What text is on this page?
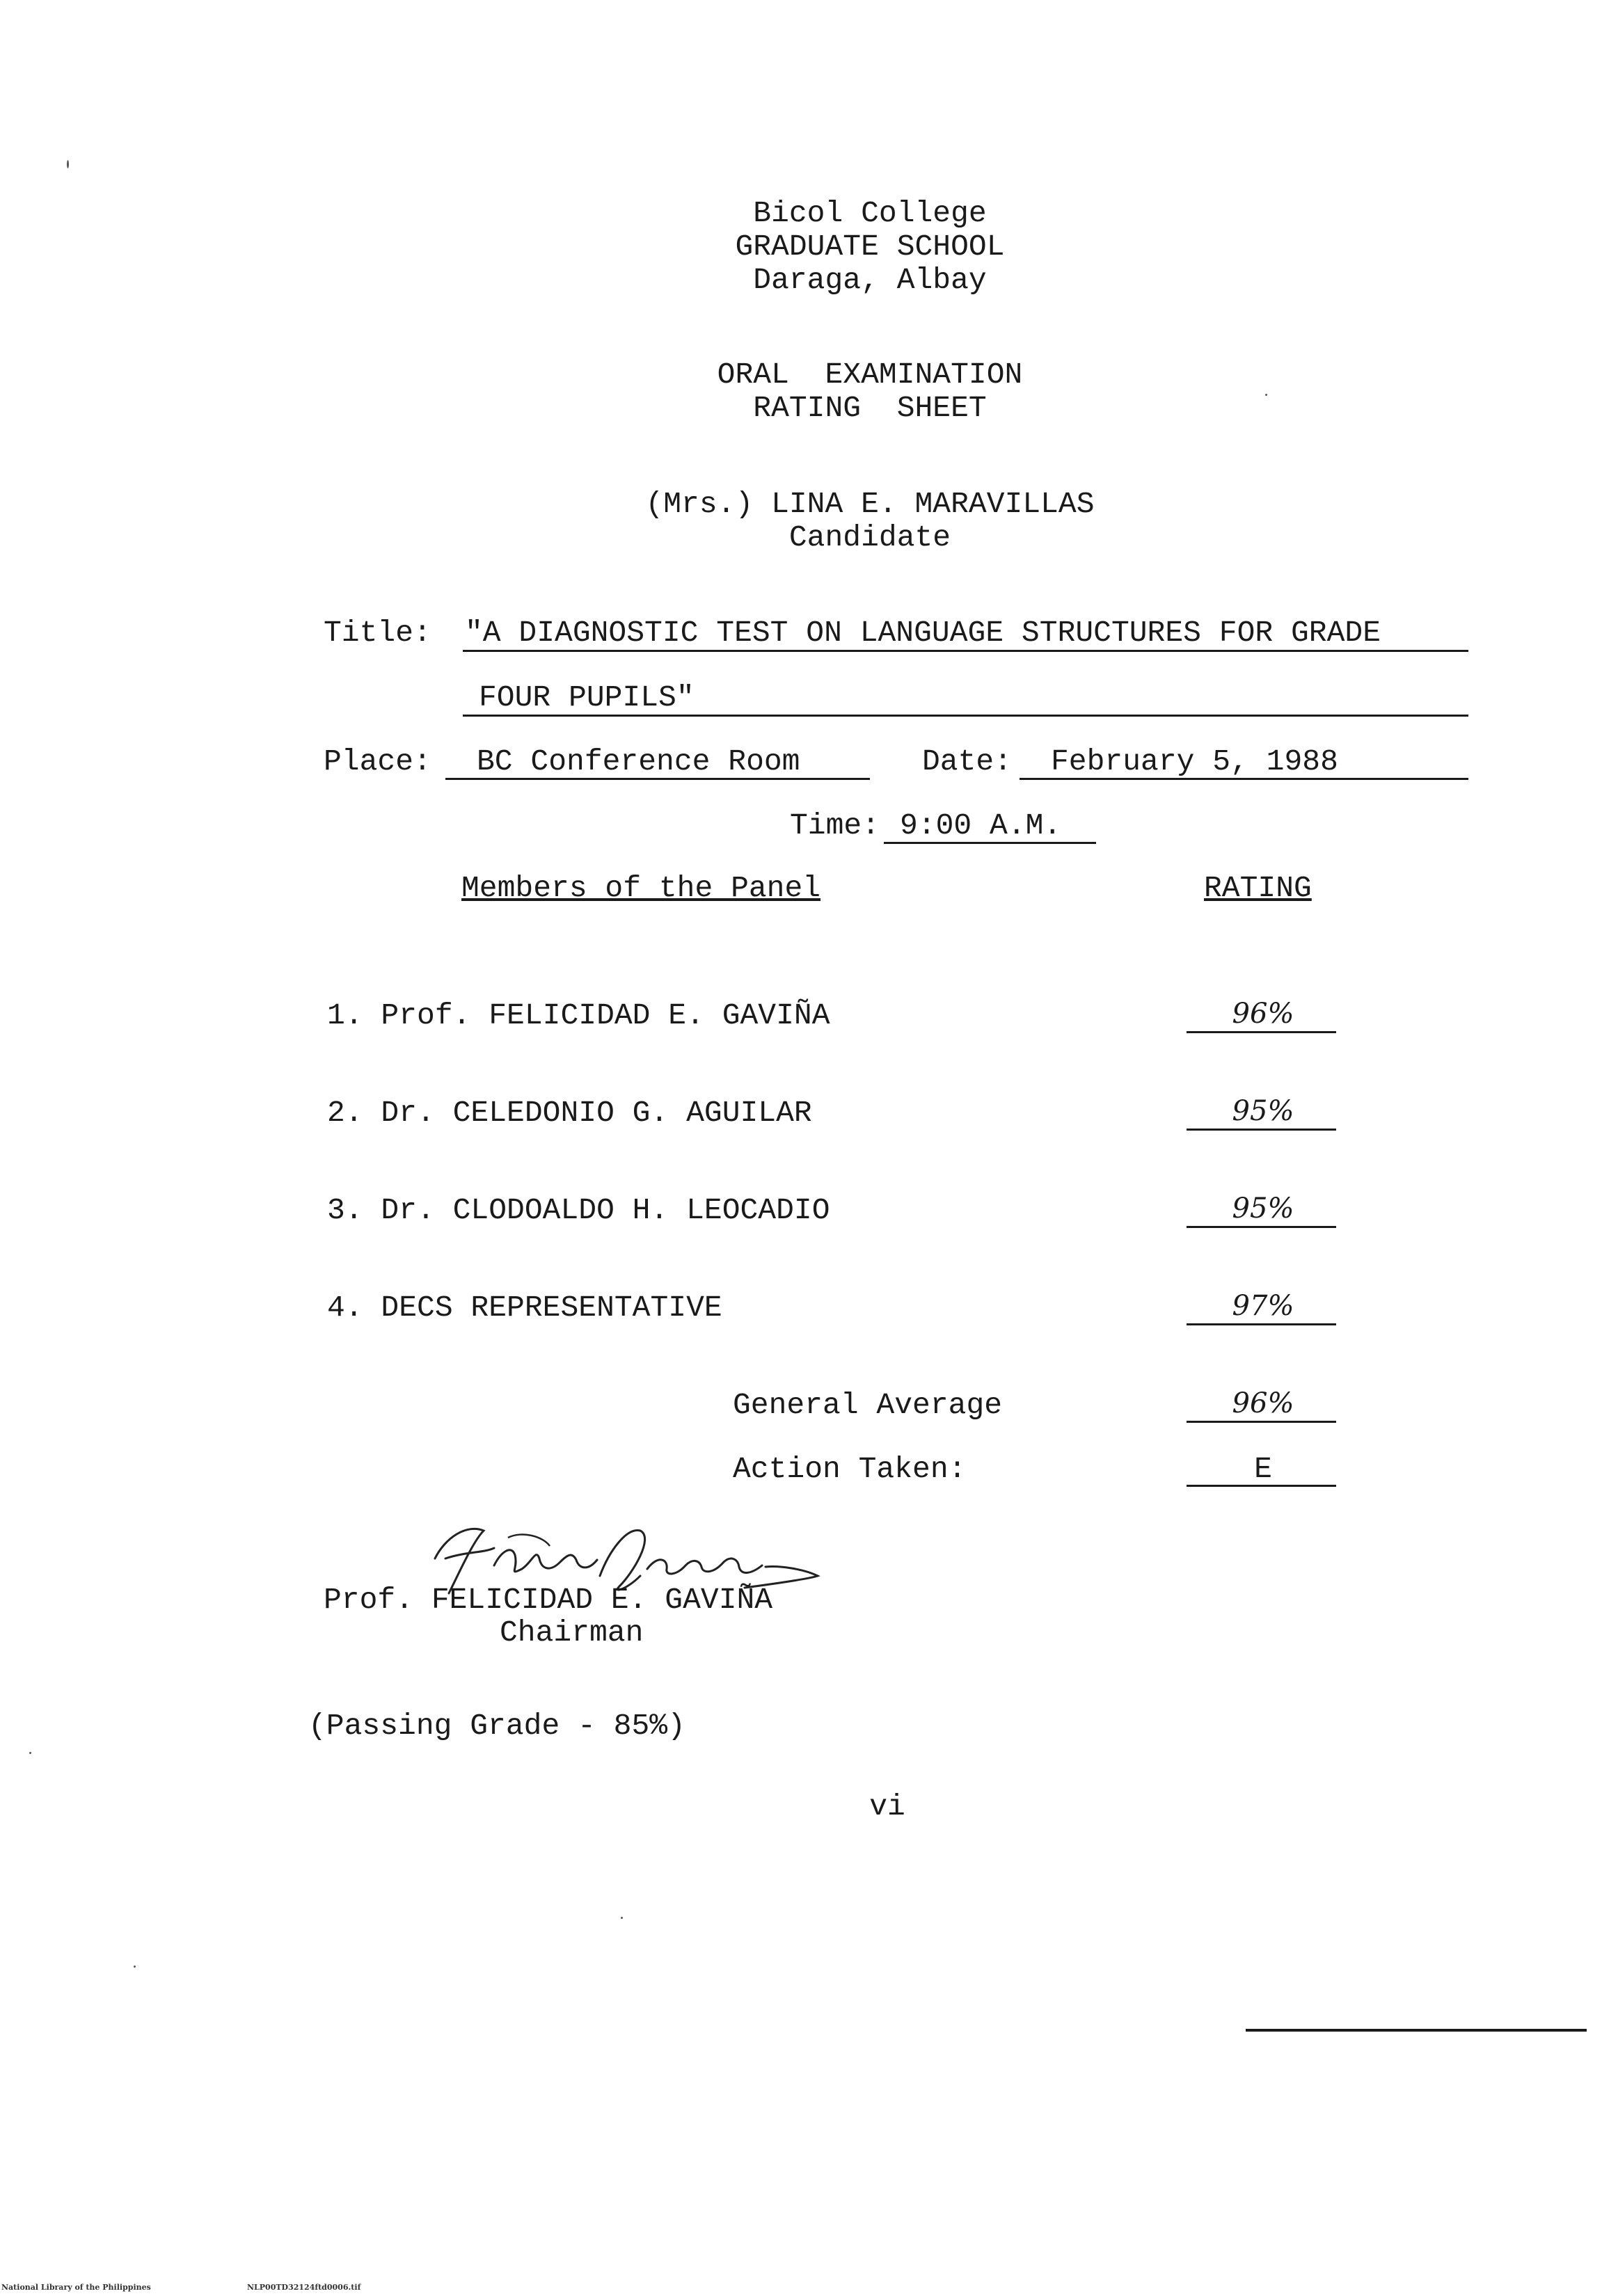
Bicol College
GRADUATE SCHOOL
Daraga, Albay
ORAL  EXAMINATION
RATING  SHEET
(Mrs.) LINA E. MARAVILLAS
Candidate
Title: "A DIAGNOSTIC TEST ON LANGUAGE STRUCTURES FOR GRADE
FOUR PUPILS"
Place: BC Conference Room	Date: February 5, 1988
Time: 9:00 A.M.
Members of the Panel	RATING
1. Prof. FELICIDAD E. GAVIÑA	96%
2. Dr. CELEDONIO G. AGUILAR	95%
3. Dr. CLODOALDO H. LEOCADIO	95%
4. DECS REPRESENTATIVE	97%
General Average	96%
Action Taken:	E
Prof. FELICIDAD E. GAVIÑA
Chairman
(Passing Grade - 85%)
vi
National Library of the Philippines	NLP00TD32124ftd0006.tif
